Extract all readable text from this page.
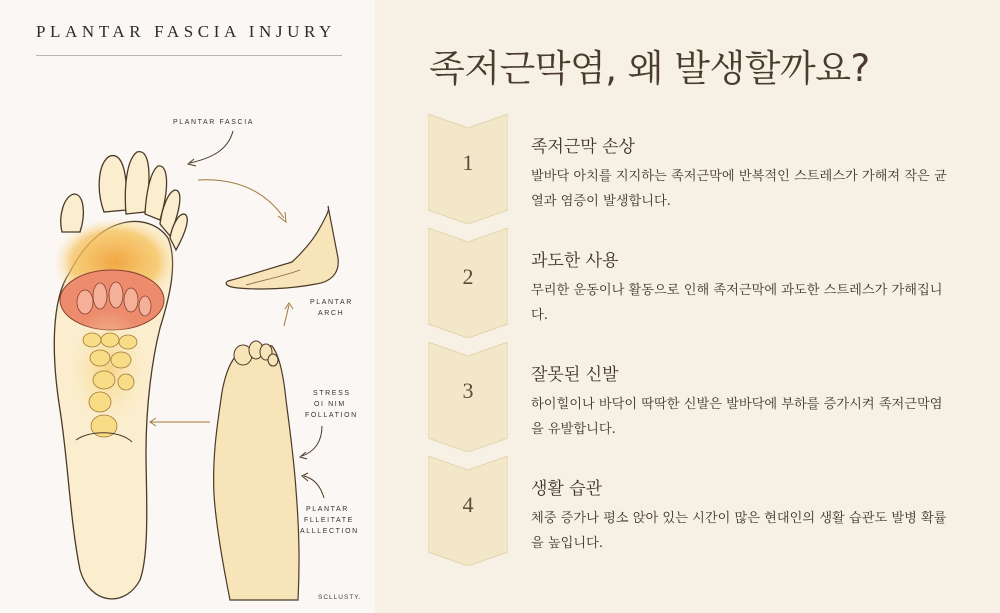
PLANTAR FASCIA INJURY
PLANTAR FASCIA
PLANTAR
ARCH
STRESS
OI NIM
FOLLATION
PLANTAR
FLLEITATE
ALLLECTION
SCLLUSTY.
족저근막염, 왜 발생할까요?
1
족저근막 손상
발바닥 아치를 지지하는 족저근막에 반복적인 스트레스가 가해져 작은 균열과 염증이 발생합니다.
2
과도한 사용
무리한 운동이나 활동으로 인해 족저근막에 과도한 스트레스가 가해집니다.
3
잘못된 신발
하이힐이나 바닥이 딱딱한 신발은 발바닥에 부하를 증가시켜 족저근막염을 유발합니다.
4
생활 습관
체중 증가나 평소 앉아 있는 시간이 많은 현대인의 생활 습관도 발병 확률을 높입니다.
